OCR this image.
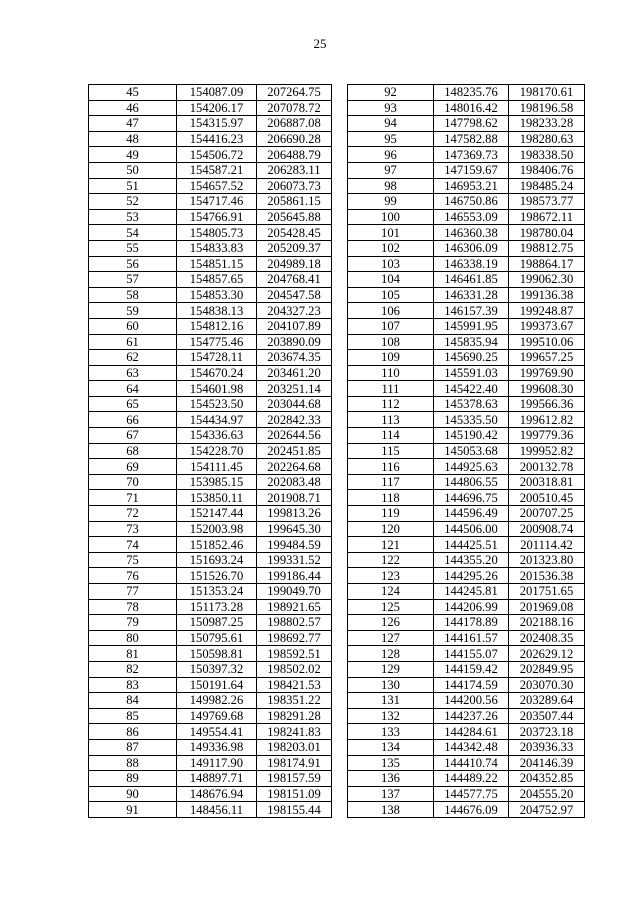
25
45	154087.09	207264.75
46	154206.17	207078.72
47	154315.97	206887.08
48	154416.23	206690.28
49	154506.72	206488.79
50	154587.21	206283.11
51	154657.52	206073.73
52	154717.46	205861.15
53	154766.91	205645.88
54	154805.73	205428.45
55	154833.83	205209.37
56	154851.15	204989.18
57	154857.65	204768.41
58	154853.30	204547.58
59	154838.13	204327.23
60	154812.16	204107.89
61	154775.46	203890.09
62	154728.11	203674.35
63	154670.24	203461.20
64	154601.98	203251.14
65	154523.50	203044.68
66	154434.97	202842.33
67	154336.63	202644.56
68	154228.70	202451.85
69	154111.45	202264.68
70	153985.15	202083.48
71	153850.11	201908.71
72	152147.44	199813.26
73	152003.98	199645.30
74	151852.46	199484.59
75	151693.24	199331.52
76	151526.70	199186.44
77	151353.24	199049.70
78	151173.28	198921.65
79	150987.25	198802.57
80	150795.61	198692.77
81	150598.81	198592.51
82	150397.32	198502.02
83	150191.64	198421.53
84	149982.26	198351.22
85	149769.68	198291.28
86	149554.41	198241.83
87	149336.98	198203.01
88	149117.90	198174.91
89	148897.71	198157.59
90	148676.94	198151.09
91	148456.11	198155.44
92	148235.76	198170.61
93	148016.42	198196.58
94	147798.62	198233.28
95	147582.88	198280.63
96	147369.73	198338.50
97	147159.67	198406.76
98	146953.21	198485.24
99	146750.86	198573.77
100	146553.09	198672.11
101	146360.38	198780.04
102	146306.09	198812.75
103	146338.19	198864.17
104	146461.85	199062.30
105	146331.28	199136.38
106	146157.39	199248.87
107	145991.95	199373.67
108	145835.94	199510.06
109	145690.25	199657.25
110	145591.03	199769.90
111	145422.40	199608.30
112	145378.63	199566.36
113	145335.50	199612.82
114	145190.42	199779.36
115	145053.68	199952.82
116	144925.63	200132.78
117	144806.55	200318.81
118	144696.75	200510.45
119	144596.49	200707.25
120	144506.00	200908.74
121	144425.51	201114.42
122	144355.20	201323.80
123	144295.26	201536.38
124	144245.81	201751.65
125	144206.99	201969.08
126	144178.89	202188.16
127	144161.57	202408.35
128	144155.07	202629.12
129	144159.42	202849.95
130	144174.59	203070.30
131	144200.56	203289.64
132	144237.26	203507.44
133	144284.61	203723.18
134	144342.48	203936.33
135	144410.74	204146.39
136	144489.22	204352.85
137	144577.75	204555.20
138	144676.09	204752.97
